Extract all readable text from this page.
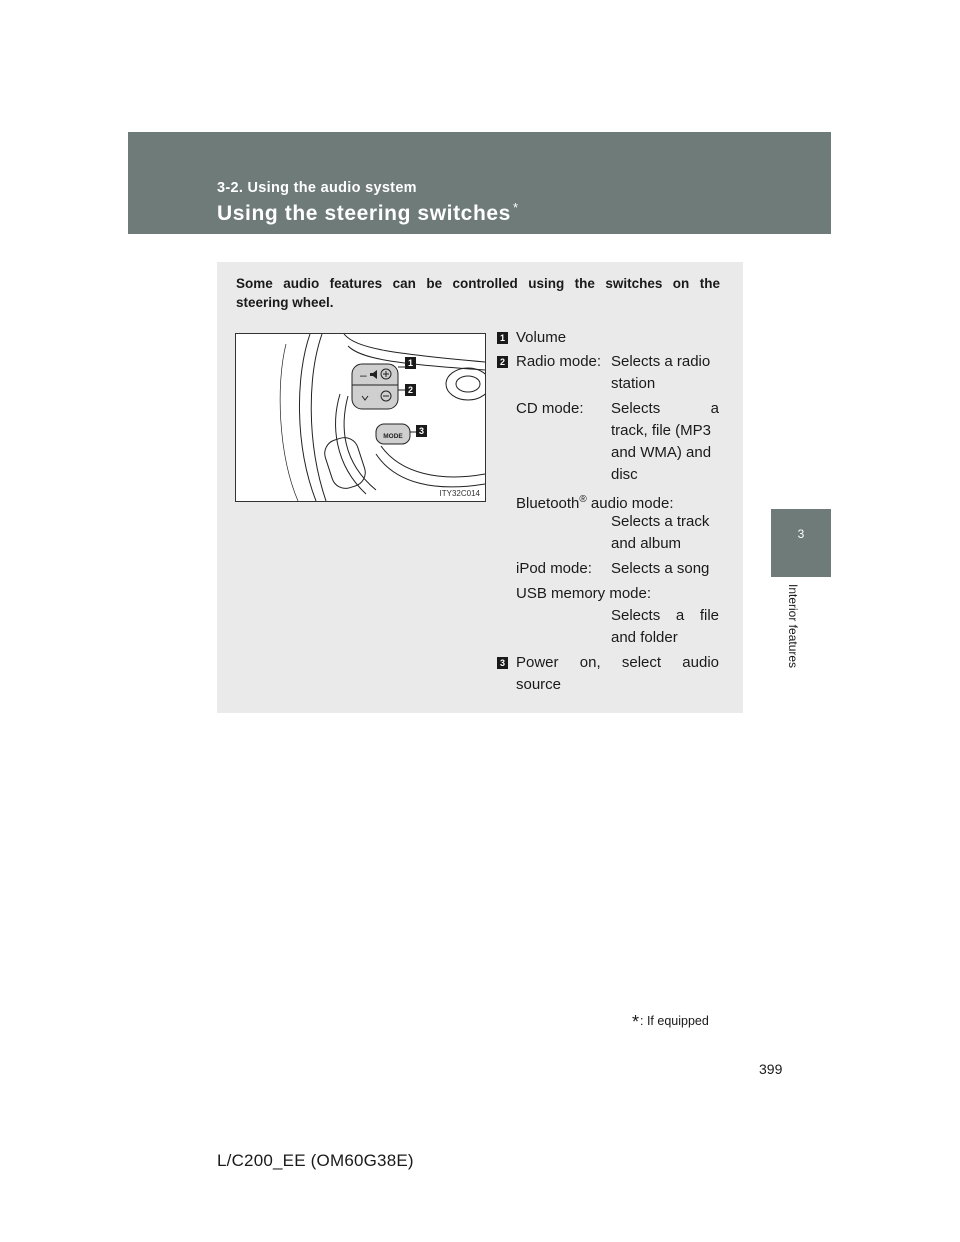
3-2. Using the audio system
Using the steering switches *
3
Interior features
Some audio features can be controlled using the switches on the
steering wheel.
–
MODE
1
2
3
ITY32C014
1 Volume
2 Radio mode: Selects a radio
station
CD mode: Selects a
track, file (MP3
and WMA) and
disc
Bluetooth® audio mode:
Selects a track
and album
iPod mode: Selects a song
USB memory mode:
Selects a file
and folder
3 Power on, select audio
source
*: If equipped
399
L/C200_EE (OM60G38E)
